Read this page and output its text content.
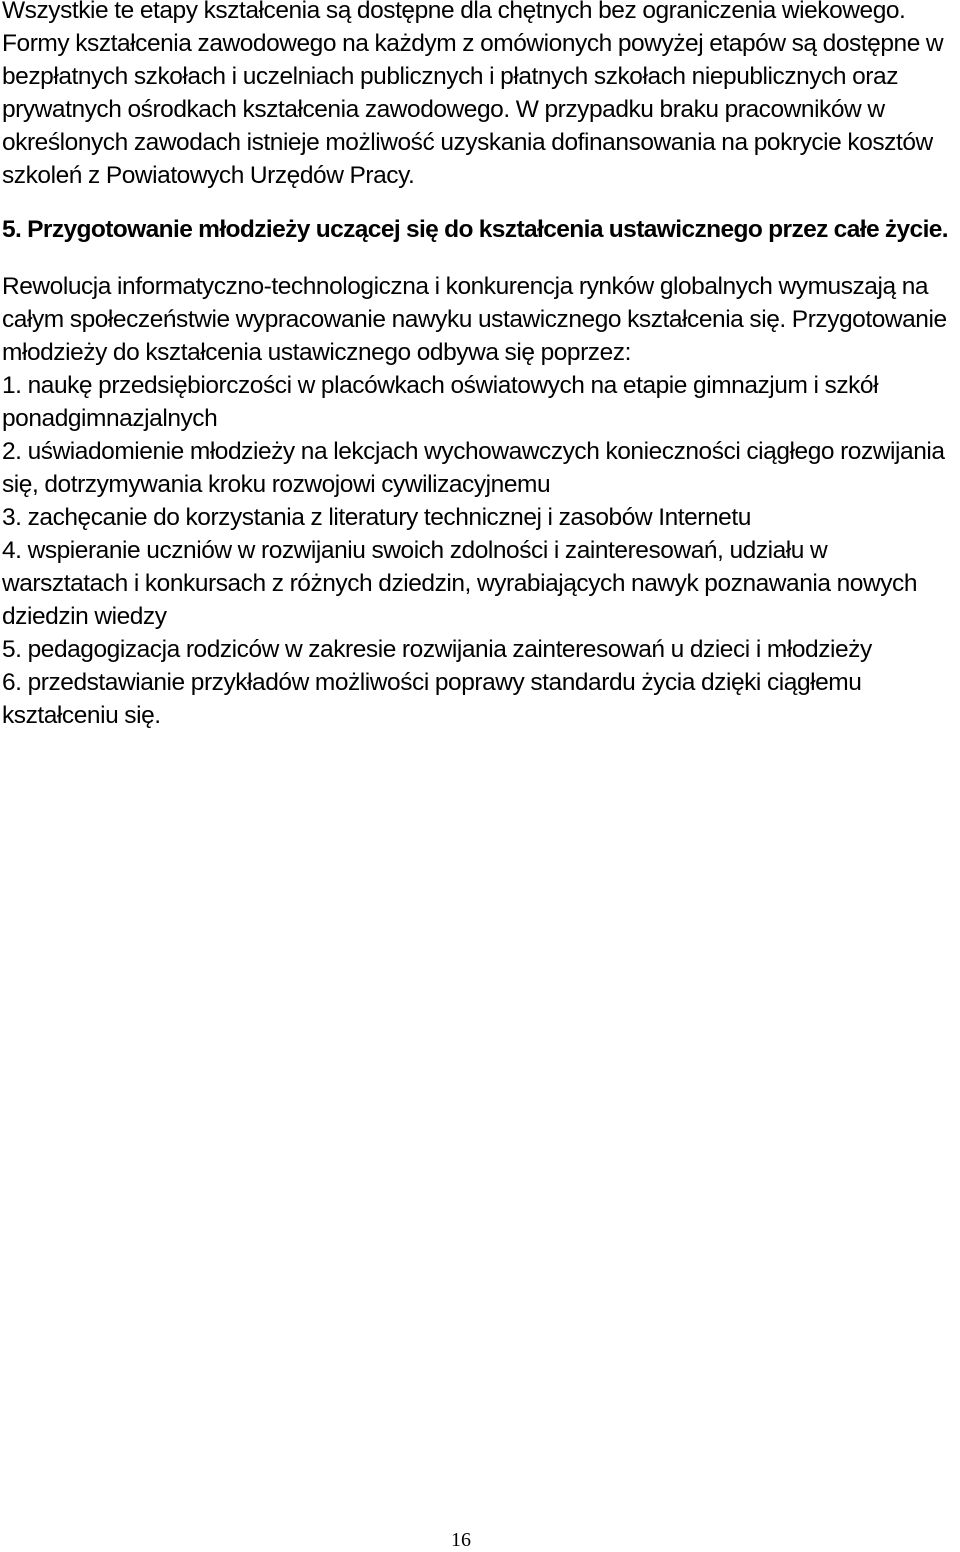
Wszystkie te etapy kształcenia są dostępne dla chętnych bez ograniczenia wiekowego. Formy kształcenia zawodowego na każdym z omówionych powyżej etapów są dostępne w bezpłatnych szkołach i uczelniach publicznych i płatnych szkołach niepublicznych oraz prywatnych ośrodkach kształcenia zawodowego. W przypadku braku pracowników w określonych zawodach istnieje możliwość uzyskania dofinansowania na pokrycie kosztów szkoleń z Powiatowych Urzędów Pracy.

5. Przygotowanie młodzieży uczącej się do kształcenia ustawicznego przez całe życie.

Rewolucja informatyczno-technologiczna i konkurencja rynków globalnych wymuszają na całym społeczeństwie wypracowanie nawyku ustawicznego kształcenia się. Przygotowanie młodzieży do kształcenia ustawicznego odbywa się poprzez:

1. naukę przedsiębiorczości w placówkach oświatowych na etapie gimnazjum i szkół ponadgimnazjalnych

2. uświadomienie młodzieży na lekcjach wychowawczych konieczności ciągłego rozwijania się, dotrzymywania kroku rozwojowi cywilizacyjnemu

3. zachęcanie do korzystania z literatury technicznej i zasobów Internetu

4. wspieranie uczniów w rozwijaniu swoich zdolności i zainteresowań, udziału w warsztatach i konkursach z różnych dziedzin, wyrabiających nawyk poznawania nowych dziedzin wiedzy

5. pedagogizacja rodziców w zakresie rozwijania zainteresowań u dzieci i młodzieży

6. przedstawianie przykładów możliwości poprawy standardu życia dzięki ciągłemu kształceniu się.

16
